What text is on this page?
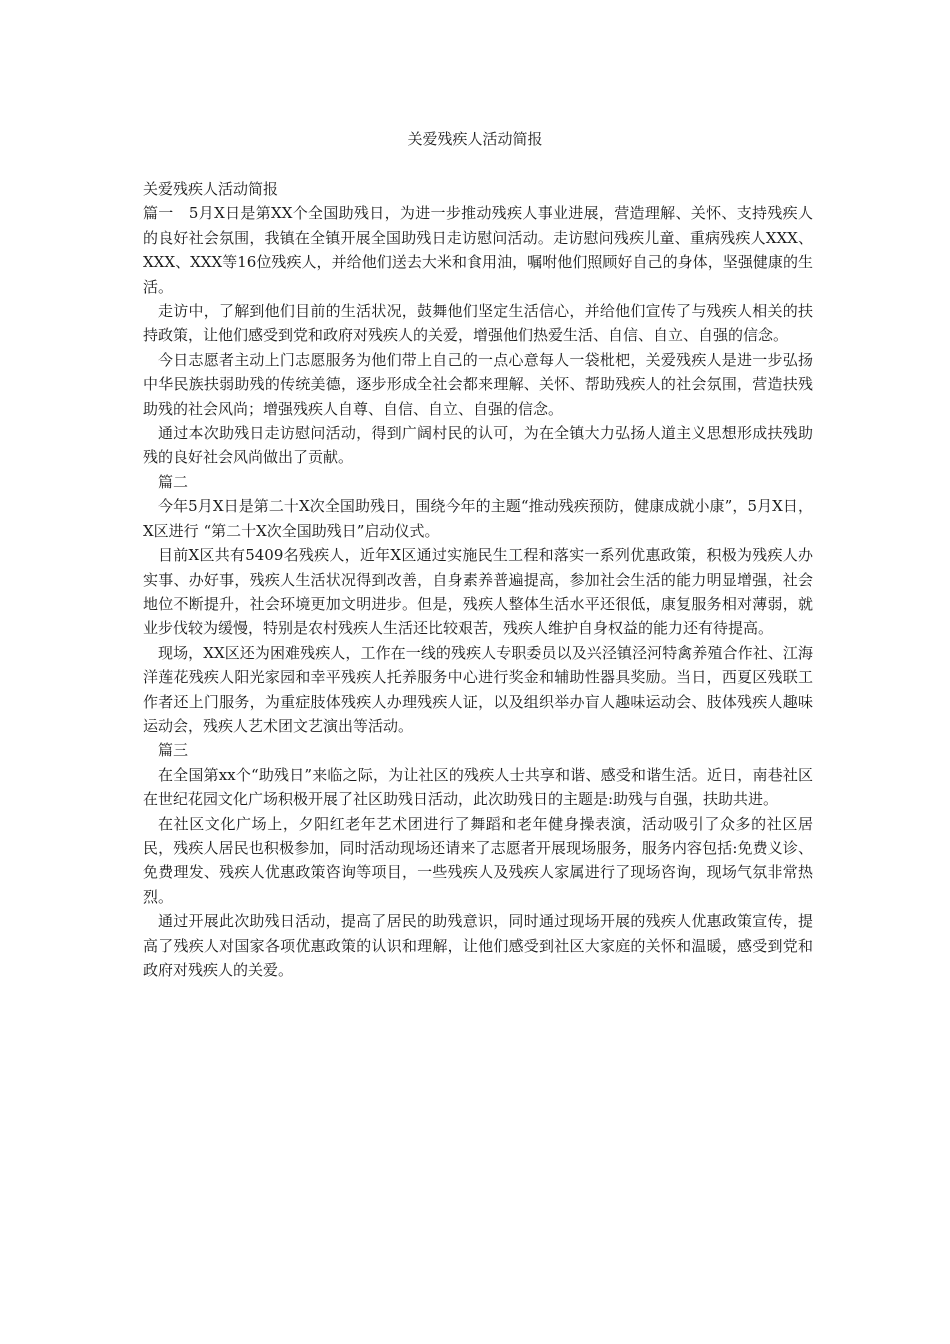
关爱残疾人活动简报

关爱残疾人活动简报

篇一　5月X日是第XX个全国助残日，为进一步推动残疾人事业进展，营造理解、关怀、支持残疾人的良好社会氛围，我镇在全镇开展全国助残日走访慰问活动。走访慰问残疾儿童、重病残疾人XXX、XXX、XXX等16位残疾人，并给他们送去大米和食用油，嘱咐他们照顾好自己的身体，坚强健康的生活。

走访中，了解到他们目前的生活状况，鼓舞他们坚定生活信心，并给他们宣传了与残疾人相关的扶持政策，让他们感受到党和政府对残疾人的关爱，增强他们热爱生活、自信、自立、自强的信念。

今日志愿者主动上门志愿服务为他们带上自己的一点心意每人一袋枇杷，关爱残疾人是进一步弘扬中华民族扶弱助残的传统美德，逐步形成全社会都来理解、关怀、帮助残疾人的社会氛围，营造扶残助残的社会风尚；增强残疾人自尊、自信、自立、自强的信念。

通过本次助残日走访慰问活动，得到广阔村民的认可，为在全镇大力弘扬人道主义思想形成扶残助残的良好社会风尚做出了贡献。

篇二

今年5月X日是第二十X次全国助残日，围绕今年的主题“推动残疾预防，健康成就小康”，5月X日，X区进行 “第二十X次全国助残日”启动仪式。

目前X区共有5409名残疾人，近年X区通过实施民生工程和落实一系列优惠政策，积极为残疾人办实事、办好事，残疾人生活状况得到改善，自身素养普遍提高，参加社会生活的能力明显增强，社会地位不断提升，社会环境更加文明进步。但是，残疾人整体生活水平还很低，康复服务相对薄弱，就业步伐较为缓慢，特别是农村残疾人生活还比较艰苦，残疾人维护自身权益的能力还有待提高。

现场，XX区还为困难残疾人，工作在一线的残疾人专职委员以及兴泾镇泾河特禽养殖合作社、江海洋莲花残疾人阳光家园和幸平残疾人托养服务中心进行奖金和辅助性器具奖励。当日，西夏区残联工作者还上门服务，为重症肢体残疾人办理残疾人证，以及组织举办盲人趣味运动会、肢体残疾人趣味运动会，残疾人艺术团文艺演出等活动。

篇三

在全国第xx个“助残日”来临之际，为让社区的残疾人士共享和谐、感受和谐生活。近日，南巷社区在世纪花园文化广场积极开展了社区助残日活动，此次助残日的主题是:助残与自强，扶助共进。

在社区文化广场上，夕阳红老年艺术团进行了舞蹈和老年健身操表演，活动吸引了众多的社区居民，残疾人居民也积极参加，同时活动现场还请来了志愿者开展现场服务，服务内容包括:免费义诊、免费理发、残疾人优惠政策咨询等项目，一些残疾人及残疾人家属进行了现场咨询，现场气氛非常热烈。

通过开展此次助残日活动，提高了居民的助残意识，同时通过现场开展的残疾人优惠政策宣传，提高了残疾人对国家各项优惠政策的认识和理解，让他们感受到社区大家庭的关怀和温暖，感受到党和政府对残疾人的关爱。
